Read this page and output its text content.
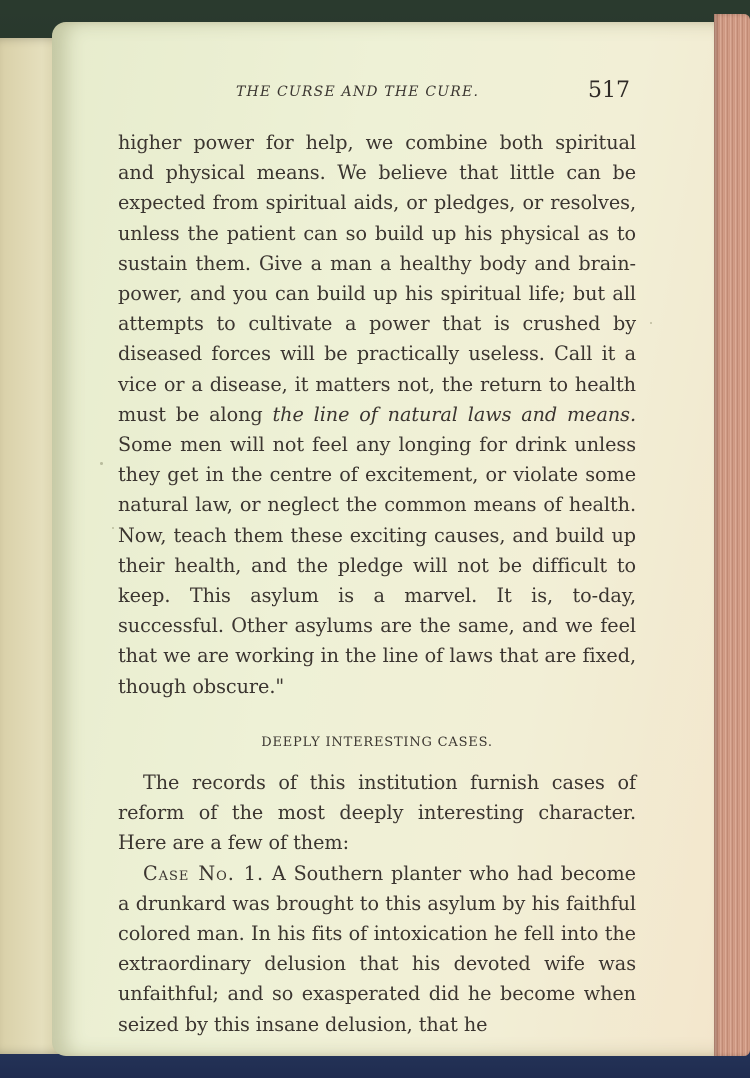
THE CURSE AND THE CURE.	517

higher power for help, we combine both spiritual and physical means. We believe that little can be expected from spiritual aids, or pledges, or resolves, unless the patient can so build up his physical as to sustain them. Give a man a healthy body and brain-power, and you can build up his spiritual life; but all attempts to cultivate a power that is crushed by diseased forces will be practically useless. Call it a vice or a disease, it matters not, the return to health must be along the line of natural laws and means. Some men will not feel any longing for drink unless they get in the centre of excitement, or violate some natural law, or neglect the common means of health. Now, teach them these exciting causes, and build up their health, and the pledge will not be difficult to keep. This asylum is a marvel. It is, to-day, successful. Other asylums are the same, and we feel that we are working in the line of laws that are fixed, though obscure."

DEEPLY INTERESTING CASES.

The records of this institution furnish cases of reform of the most deeply interesting character. Here are a few of them:

Case No. 1. A Southern planter who had become a drunkard was brought to this asylum by his faithful colored man. In his fits of intoxication he fell into the extraordinary delusion that his devoted wife was unfaithful; and so exasperated did he become when seized by this insane delusion, that he
